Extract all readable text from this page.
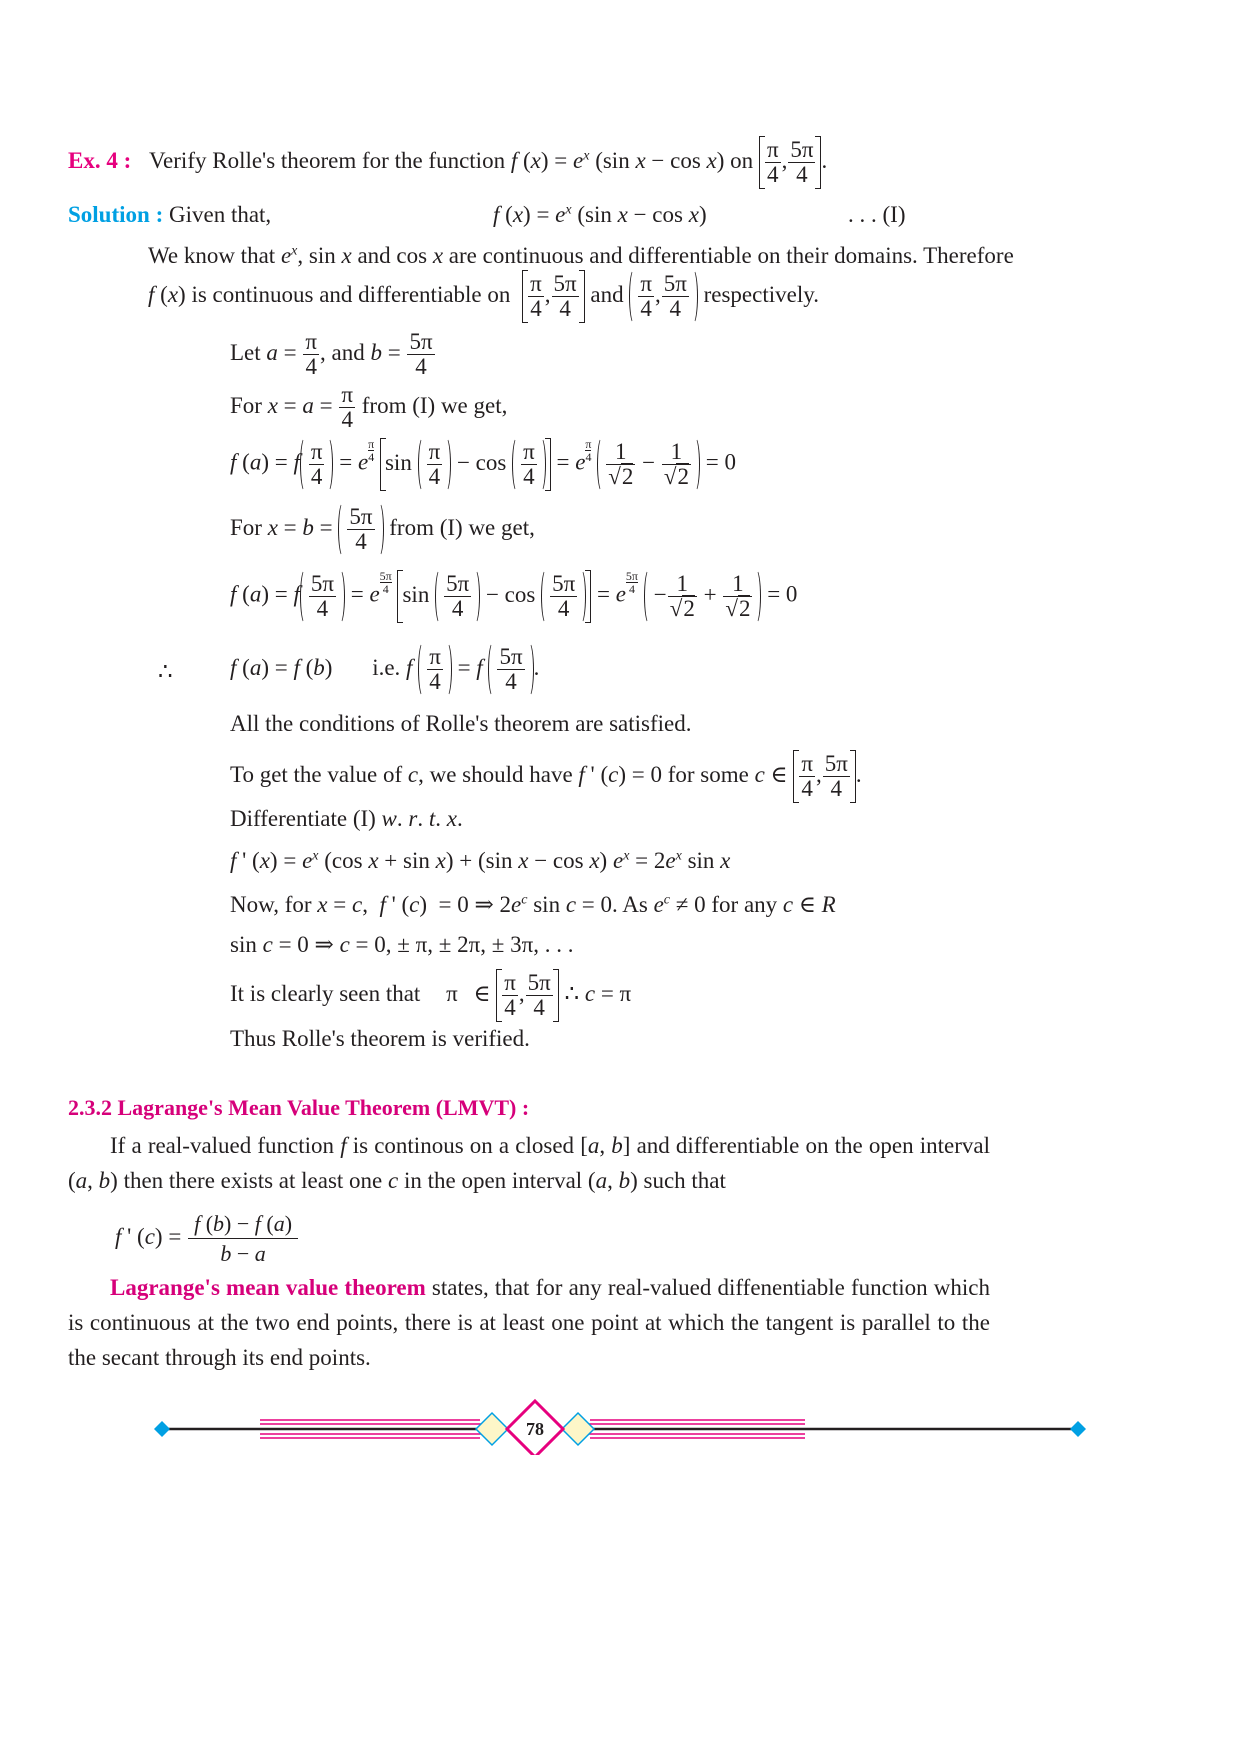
Ex. 4 : Verify Rolle's theorem for the function f $(x) = e^x$ (sin x − cos x) on $\frac{\pi}{4}$ , $\frac{5\pi}{4}$ .
Solution : Given that,	f $(x) = e^x$ (sin x − cos x)	. . . (I)
We know that $e^x$, sin x and cos x are continuous and differentiable on their domains. Therefore
f (x) is continuous and differentiable on $\frac{\pi}{4}$ , $\frac{5\pi}{4}$ and $\frac{\pi}{4}$ , $\frac{5\pi}{4}$ respectively.
Let $a = \frac{\pi}{4}$ , and $b = \frac{5\pi}{4}$
For $x = a = \frac{\pi}{4}$ from (I) we get,
f (a) = f $\frac{\pi}{4} = e \frac{\pi}{4}$ $\sin \frac{\pi}{4} - \cos \frac{\pi}{4} = e \frac{\pi}{4}$
$\frac{1}{√2} - \frac{1}{√2} = 0$
For $x = b = \frac{5\pi}{4}$ from (I) we get,
f (a) = f $\frac{5\pi}{4} = e \frac{5\pi}{4}$ $\sin \frac{5\pi}{4} - \cos \frac{5\pi}{4} = e \frac{5\pi}{4} - \frac{1}{√2} + \frac{1}{√2} = 0$
∴ f (a) = f (b) i.e. f $\frac{\pi}{4} = f \frac{5\pi}{4}$ .
All the conditions of Rolle's theorem are satisfied.
To get the value of c, we should have f ' (c) = 0 for some c ∈ $\frac{\pi}{4}$ , $\frac{5\pi}{4}$ .
Differentiate (I) w. r. t. x.
f ' $(x) = e^x$ (cos x + sin x) + (sin x − cos x) $e^x = 2e^x$ sin x
Now, for x = c,  f ' (c)  = 0 ⇒ $2e^c$ sin c = 0. As $e^c \ne 0$ for any c ∈ R
sin c = 0 ⇒ c = 0, ± π, ± 2π, ± 3π, . . .
It is clearly seen that π ∈ $\frac{\pi}{4}$ , $\frac{5\pi}{4}$ ∴ c = π
Thus Rolle's theorem is verified.
2.3.2 Lagrange's Mean Value Theorem (LMVT) :
If a real-valued function f is continous on a closed [a, b] and differentiable on the open interval (a, b) then there exists at least one c in the open interval (a, b) such that
f ' $(c) = \frac{f (b) - f (a)}{b - a}$
Lagrange's mean value theorem states, that for any real-valued diffenentiable function which is continuous at the two end points, there is at least one point at which the tangent is parallel to the the secant through its end points.
78
